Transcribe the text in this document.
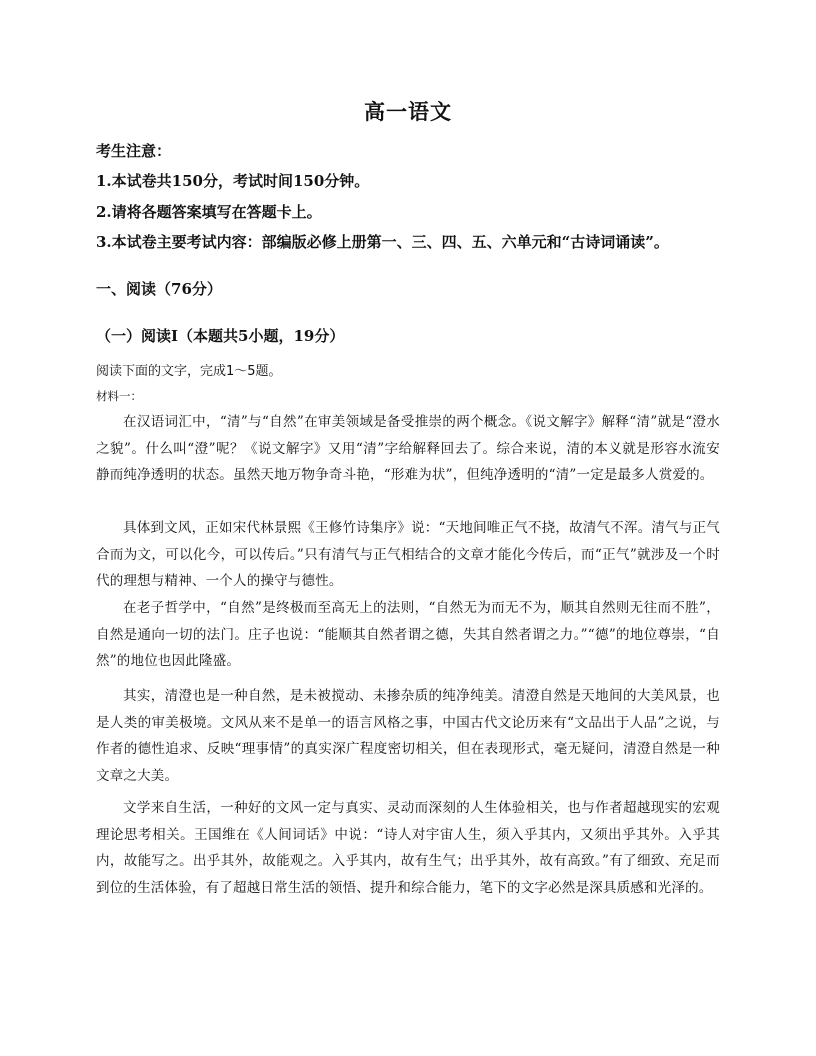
高一语文
考生注意：
1.本试卷共150分，考试时间150分钟。
2.请将各题答案填写在答题卡上。
3.本试卷主要考试内容：部编版必修上册第一、三、四、五、六单元和“古诗词诵读”。
一、阅读（76分）
（一）阅读Ⅰ（本题共5小题，19分）
阅读下面的文字，完成1～5题。
材料一：
在汉语词汇中，“清”与“自然”在审美领域是备受推崇的两个概念。《说文解字》解释“清”就是“澄水之貌”。什么叫“澄”呢？《说文解字》又用“清”字给解释回去了。综合来说，清的本义就是形容水流安静而纯净透明的状态。虽然天地万物争奇斗艳，“形难为状”，但纯净透明的“清”一定是最多人赏爱的。
具体到文风，正如宋代林景熙《王修竹诗集序》说：“天地间唯正气不挠，故清气不浑。清气与正气合而为文，可以化今，可以传后。”只有清气与正气相结合的文章才能化今传后，而“正气”就涉及一个时代的理想与精神、一个人的操守与德性。
在老子哲学中，“自然”是终极而至高无上的法则，“自然无为而无不为，顺其自然则无往而不胜”，自然是通向一切的法门。庄子也说：“能顺其自然者谓之德，失其自然者谓之力。”“德”的地位尊崇，“自然”的地位也因此隆盛。
其实，清澄也是一种自然，是未被搅动、未掺杂质的纯净纯美。清澄自然是天地间的大美风景，也是人类的审美极境。文风从来不是单一的语言风格之事，中国古代文论历来有“文品出于人品”之说，与作者的德性追求、反映“理事情”的真实深广程度密切相关，但在表现形式，毫无疑问，清澄自然是一种文章之大美。
文学来自生活，一种好的文风一定与真实、灵动而深刻的人生体验相关，也与作者超越现实的宏观理论思考相关。王国维在《人间词话》中说：“诗人对宇宙人生，须入乎其内，又须出乎其外。入乎其内，故能写之。出乎其外，故能观之。入乎其内，故有生气；出乎其外，故有高致。”有了细致、充足而到位的生活体验，有了超越日常生活的领悟、提升和综合能力，笔下的文字必然是深具质感和光泽的。
